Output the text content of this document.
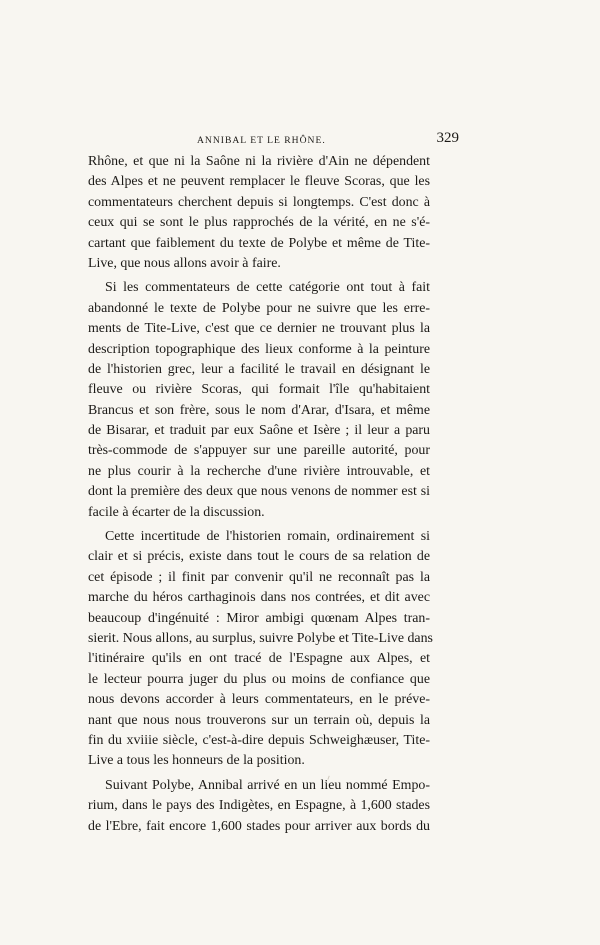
ANNIBAL ET LE RHÔNE.	329
Rhône, et que ni la Saône ni la rivière d'Ain ne dépendent
des Alpes et ne peuvent remplacer le fleuve Scoras, que les
commentateurs cherchent depuis si longtemps. C'est donc à
ceux qui se sont le plus rapprochés de la vérité, en ne s'é-
cartant que faiblement du texte de Polybe et même de Tite-
Live, que nous allons avoir à faire.
Si les commentateurs de cette catégorie ont tout à fait
abandonné le texte de Polybe pour ne suivre que les erre-
ments de Tite-Live, c'est que ce dernier ne trouvant plus la
description topographique des lieux conforme à la peinture
de l'historien grec, leur a facilité le travail en désignant le
fleuve ou rivière Scoras, qui formait l'île qu'habitaient
Brancus et son frère, sous le nom d'Arar, d'Isara, et même
de Bisarar, et traduit par eux Saône et Isère ; il leur a paru
très-commode de s'appuyer sur une pareille autorité, pour
ne plus courir à la recherche d'une rivière introuvable, et
dont la première des deux que nous venons de nommer est si
facile à écarter de la discussion.
Cette incertitude de l'historien romain, ordinairement si
clair et si précis, existe dans tout le cours de sa relation de
cet épisode ; il finit par convenir qu'il ne reconnaît pas la
marche du héros carthaginois dans nos contrées, et dit avec
beaucoup d'ingénuité : Miror ambigi quœnam Alpes tran-
sierit. Nous allons, au surplus, suivre Polybe et Tite-Live dans
l'itinéraire qu'ils en ont tracé de l'Espagne aux Alpes, et
le lecteur pourra juger du plus ou moins de confiance que
nous devons accorder à leurs commentateurs, en le préve-
nant que nous nous trouverons sur un terrain où, depuis la
fin du xviiie siècle, c'est-à-dire depuis Schweighæuser, Tite-
Live a tous les honneurs de la position.
Suivant Polybe, Annibal arrivé en un lieu nommé Empo-
rium, dans le pays des Indigètes, en Espagne, à 1,600 stades
de l'Ebre, fait encore 1,600 stades pour arriver aux bords du
